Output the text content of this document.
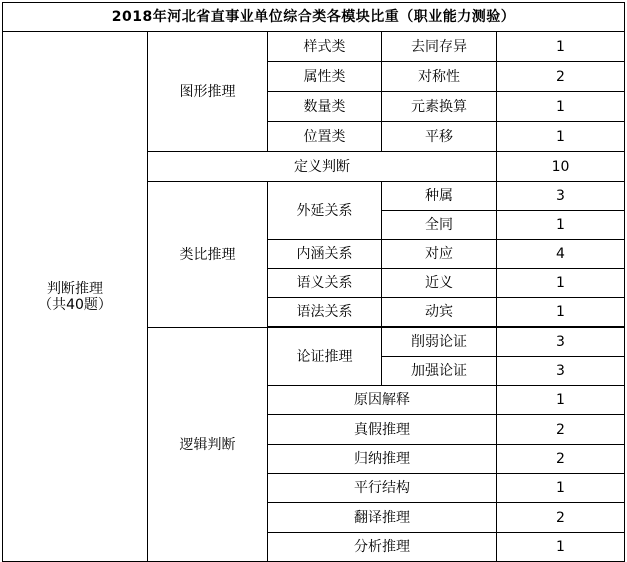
2018年河北省直事业单位综合类各模块比重（职业能力测验）				

判断推理
（共40题）	图形推理	样式类	去同存异	1
		属性类	对称性	2
		数量类	元素换算	1
		位置类	平移	1
	定义判断			10
	类比推理	外延关系	种属	3
			全同	1
		内涵关系	对应	4
		语义关系	近义	1
		语法关系	动宾	1

	逻辑判断	论证推理	削弱论证	3
			加强论证	3
		原因解释		1
		真假推理		2
		归纳推理		2
		平行结构		1
		翻译推理		2
		分析推理		1
